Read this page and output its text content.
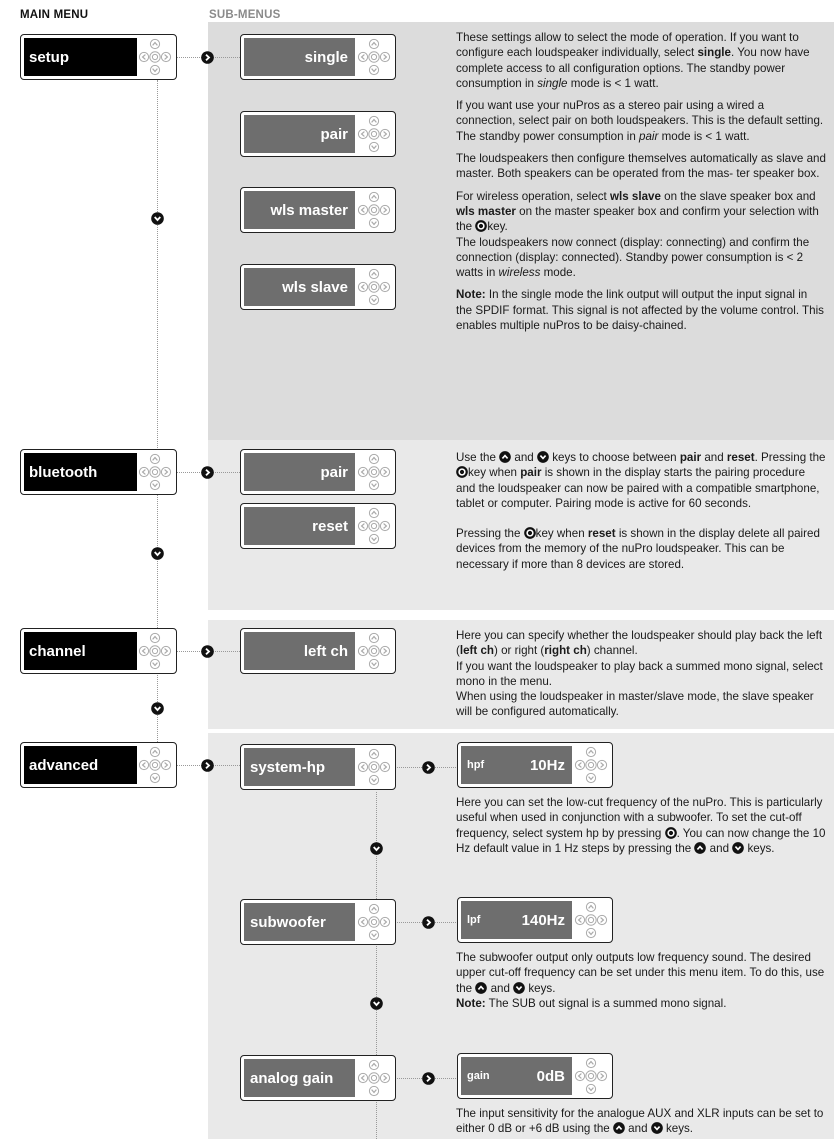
MAIN MENU	SUB-MENUS
setup
bluetooth
channel
advanced
single
pair
wls master
wls slave
pair
reset
left ch
system-hp
subwoofer
analog gain
hpf	10Hz
lpf	140Hz
gain	0dB

These settings allow to select the mode of operation. If you want to configure each loudspeaker individually, select single. You now have complete access to all configuration options. The standby power consumption in single mode is < 1 watt.

If you want use your nuPros as a stereo pair using a wired a connection, select pair on both loudspeakers. This is the default setting. The standby power consumption in pair mode is < 1 watt.

The loudspeakers then configure themselves automatically as slave and master. Both speakers can be operated from the mas- ter speaker box.

For wireless operation, select wls slave on the slave speaker box and wls master on the master speaker box and confirm your selection with the
key.
The loudspeakers now connect (display: connecting) and confirm the connection (display: connected). Standby power consumption is < 2 watts in wireless mode.

Note: In the single mode the link output will output the input signal in the SPDIF format. This signal is not affected by the volume control. This enables multiple nuPros to be daisy-chained.

Use the
and
keys to choose between pair and reset. Pressing the
key when pair is shown in the display starts the pairing procedure and the loudspeaker can now be paired with a compatible smartphone, tablet or computer. Pairing mode is active for 60 seconds.

Pressing the
key when reset is shown in the display delete all paired devices from the memory of the nuPro loudspeaker. This can be necessary if more than 8 devices are stored.

Here you can specify whether the loudspeaker should play back the left (left ch) or right (right ch) channel.
If you want the loudspeaker to play back a summed mono signal, select mono in the menu.
When using the loudspeaker in master/slave mode, the slave speaker will be configured automatically.

Here you can set the low-cut frequency of the nuPro. This is particularly useful when used in conjunction with a subwoofer. To set the cut-off frequency, select system hp by pressing
. You can now change the 10 Hz default value in 1 Hz steps by pressing the
and
keys.

The subwoofer output only outputs low frequency sound. The desired upper cut-off frequency can be set under this menu item. To do this, use the
and
keys.
Note: The SUB out signal is a summed mono signal.

The input sensitivity for the analogue AUX and XLR inputs can be set to either 0 dB or +6 dB using the
and
keys.
